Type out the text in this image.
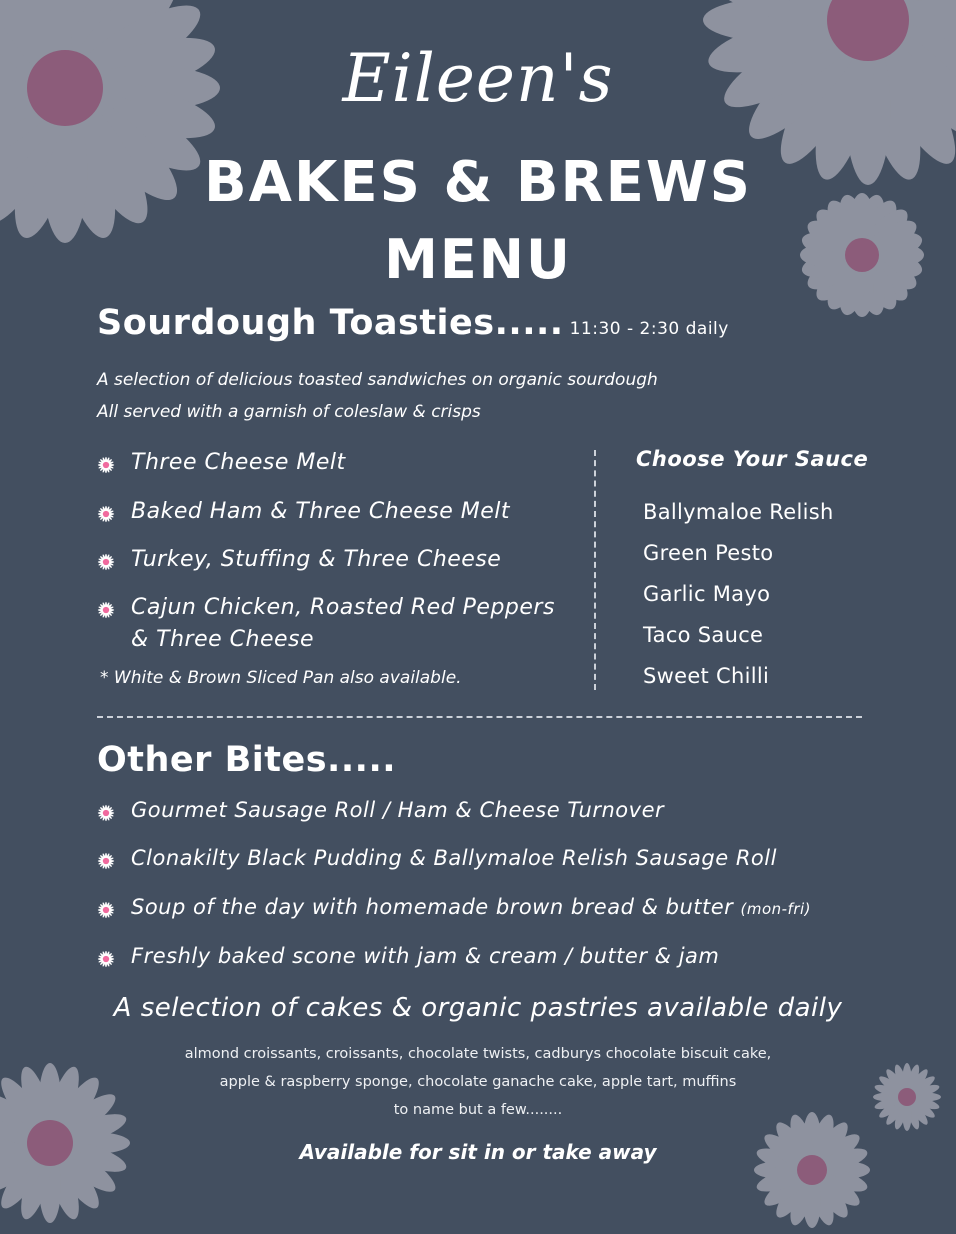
Eileen's
BAKES & BREWS
MENU
Sourdough Toasties..... 11:30 - 2:30 daily
A selection of delicious toasted sandwiches on organic sourdough
All served with a garnish of coleslaw & crisps
Three Cheese Melt
Baked Ham & Three Cheese Melt
Turkey, Stuffing & Three Cheese
Cajun Chicken, Roasted Red Peppers
& Three Cheese
* White & Brown Sliced Pan also available.
Choose Your Sauce
Ballymaloe Relish
Green Pesto
Garlic Mayo
Taco Sauce
Sweet Chilli
Other Bites.....
Gourmet Sausage Roll / Ham & Cheese Turnover
Clonakilty Black Pudding & Ballymaloe Relish Sausage Roll
Soup of the day with homemade brown bread & butter (mon-fri)
Freshly baked scone with jam & cream / butter & jam
A selection of cakes & organic pastries available daily
almond croissants, croissants, chocolate twists, cadburys chocolate biscuit cake,
apple & raspberry sponge, chocolate ganache cake, apple tart, muffins
to name but a few........
Available for sit in or take away
